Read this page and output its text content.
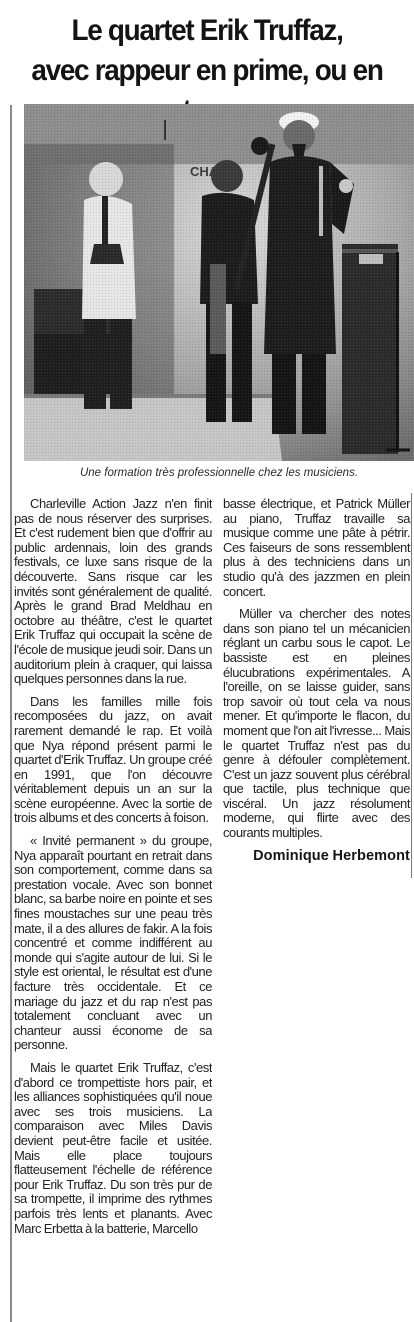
Le quartet Erik Truffaz,
avec rappeur en prime, ou en
Une formation très professionnelle chez les musiciens.

Charleville Action Jazz n'en finit pas de nous réserver des surprises. Et c'est rudement bien que d'offrir au public ardennais, loin des grands festivals, ce luxe sans risque de la découverte. Sans risque car les invités sont généralement de qualité. Après le grand Brad Meldhau en octobre au théâtre, c'est le quartet Erik Truffaz qui occupait la scène de l'école de musique jeudi soir. Dans un auditorium plein à craquer, qui laissa quelques personnes dans la rue.

Dans les familles mille fois recomposées du jazz, on avait rarement demandé le rap. Et voilà que Nya répond présent parmi le quartet d'Erik Truffaz. Un groupe créé en 1991, que l'on découvre véritablement depuis un an sur la scène européenne. Avec la sortie de trois albums et des concerts à foison.

« Invité permanent » du groupe, Nya apparaît pourtant en retrait dans son comportement, comme dans sa prestation vocale. Avec son bonnet blanc, sa barbe noire en pointe et ses fines moustaches sur une peau très mate, il a des allures de fakir. A la fois concentré et comme indifférent au monde qui s'agite autour de lui. Si le style est oriental, le résultat est d'une facture très occidentale. Et ce mariage du jazz et du rap n'est pas totalement concluant avec un chanteur aussi économe de sa personne.

Mais le quartet Erik Truffaz, c'est d'abord ce trompettiste hors pair, et les alliances sophistiquées qu'il noue avec ses trois musiciens. La comparaison avec Miles Davis devient peut-être facile et usitée. Mais elle place toujours flatteusement l'échelle de référence pour Erik Truffaz. Du son très pur de sa trompette, il imprime des rythmes parfois très lents et planants. Avec Marc Erbetta à la batterie, Marcello

basse électrique, et Patrick Müller au piano, Truffaz travaille sa musique comme une pâte à pétrir. Ces faiseurs de sons ressemblent plus à des techniciens dans un studio qu'à des jazzmen en plein concert.

Müller va chercher des notes dans son piano tel un mécanicien réglant un carbu sous le capot. Le bassiste est en pleines élucubrations expérimentales. A l'oreille, on se laisse guider, sans trop savoir où tout cela va nous mener. Et qu'importe le flacon, du moment que l'on ait l'ivresse... Mais le quartet Truffaz n'est pas du genre à défouler complètement. C'est un jazz souvent plus cérébral que tactile, plus technique que viscéral. Un jazz résolument moderne, qui flirte avec des courants multiples.

Dominique Herbemont
